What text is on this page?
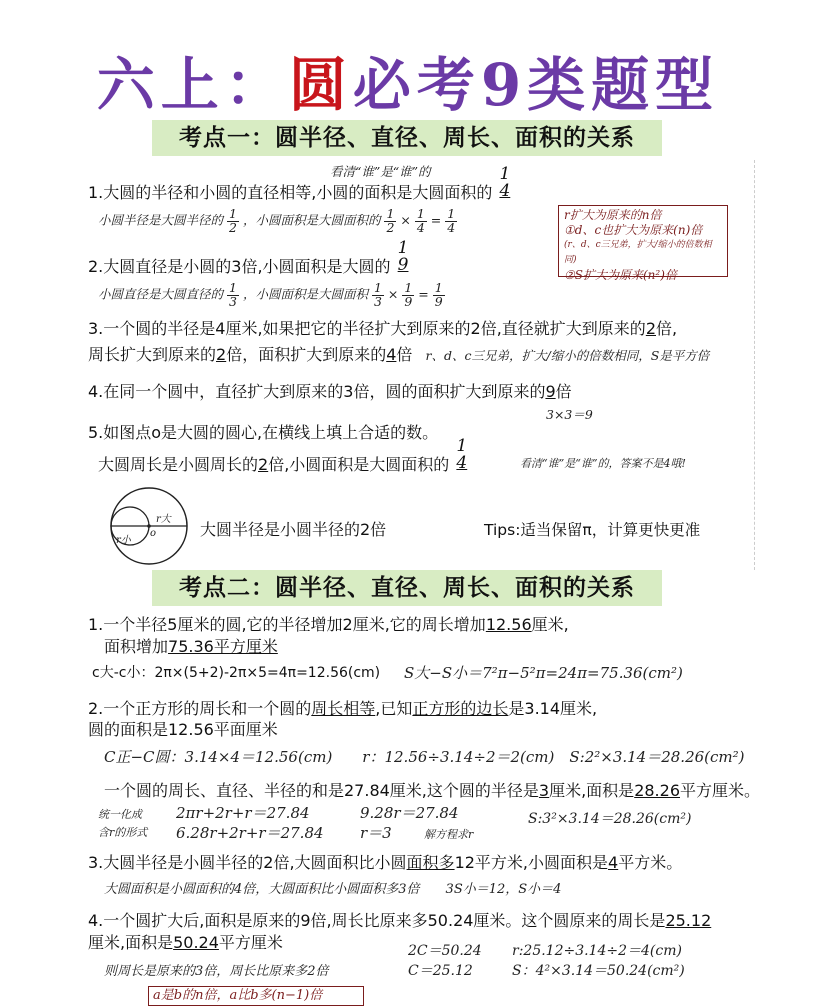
六上：圆必考9类题型
考点一：圆半径、直径、周长、面积的关系
看清“谁”是“谁”的
1.大圆的半径和小圆的直径相等,小圆的面积是大圆面积的
1
4
小圆半径是大圆半径的 $\frac{1}{2}$ ，小圆面积是大圆面积的 $\frac{1}{2} \times \frac{1}{4} = \frac{1}{4}$	r扩大为原来的n倍
①d、c也扩大为原来(n)倍
(r、d、c三兄弟，扩大/缩小的倍数相同)
②S扩大为原来(n²)倍
2.大圆直径是小圆的3倍,小圆面积是大圆的
1
9
小圆直径是大圆直径的 $\frac{1}{3}$ ，小圆面积是大圆面积 $\frac{1}{3} \times \frac{1}{9} = \frac{1}{9}$
3.一个圆的半径是4厘米,如果把它的半径扩大到原来的2倍,直径就扩大到原来的2倍,
周长扩大到原来的2倍，面积扩大到原来的4倍 r、d、c三兄弟，扩大/缩小的倍数相同，S是平方倍
4.在同一个圆中，直径扩大到原来的3倍，圆的面积扩大到原来的9倍
3×3＝9
5.如图点o是大圆的圆心,在横线上填上合适的数。
大圆周长是小圆周长的2倍,小圆面积是大圆面积的
1
4	看清“谁”是“谁”的，答案不是4哦!
r大
r小
o	大圆半径是小圆半径的2倍	Tips:适当保留π，计算更快更准
考点二：圆半径、直径、周长、面积的关系
1.一个半径5厘米的圆,它的半径增加2厘米,它的周长增加12.56厘米,
面积增加75.36平方厘米
c大-c小：2π×(5+2)-2π×5=4π=12.56(cm) S大−S小＝7²π−5²π=24π=75.36(cm²)
2.一个正方形的周长和一个圆的周长相等,已知正方形的边长是3.14厘米,
圆的面积是12.56平面厘米
C正−C圆：3.14×4＝12.56(cm)　　r：12.56÷3.14÷2＝2(cm)　S:2²×3.14＝28.26(cm²)
一个圆的周长、直径、半径的和是27.84厘米,这个圆的半径是3厘米,面积是28.26平方厘米。
统一化成
含r的形式
2πr+2r+r＝27.84
6.28r+2r+r＝27.84
9.28r＝27.84
r＝3	解方程求r
S:3²×3.14＝28.26(cm²)
3.大圆半径是小圆半径的2倍,大圆面积比小圆面积多12平方米,小圆面积是4平方米。
大圆面积是小圆面积的4倍，大圆面积比小圆面积多3倍　　3S小＝12，S小＝4
4.一个圆扩大后,面积是原来的9倍,周长比原来多50.24厘米。这个圆原来的周长是25.12
厘米,面积是50.24平方厘米
则周长是原来的3倍，周长比原来多2倍
2C＝50.24
C＝25.12
r:25.12÷3.14÷2＝4(cm)
S：4²×3.14＝50.24(cm²)
a是b的n倍，a比b多(n−1)倍
